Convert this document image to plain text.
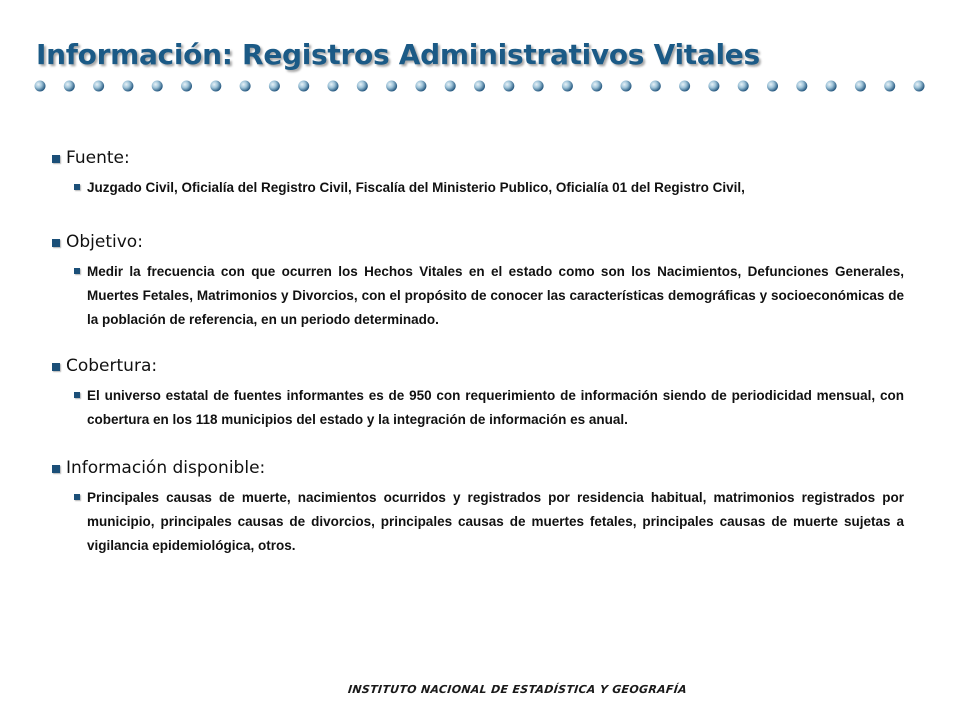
Información: Registros Administrativos Vitales
Fuente:
Juzgado Civil, Oficialía del Registro Civil, Fiscalía del Ministerio Publico, Oficialía 01 del Registro Civil,
Objetivo:
Medir la frecuencia con que ocurren los Hechos Vitales en el estado como son los Nacimientos, Defunciones Generales, Muertes Fetales, Matrimonios y Divorcios, con el propósito de conocer las características demográficas y socioeconómicas de la población de referencia, en un periodo determinado.
Cobertura:
El universo estatal de fuentes informantes es de 950 con requerimiento de información siendo de periodicidad mensual, con cobertura en los 118 municipios del estado y la integración de información es anual.
Información disponible:
Principales causas de muerte, nacimientos ocurridos y registrados por residencia habitual, matrimonios registrados por municipio, principales causas de divorcios, principales causas de muertes fetales, principales causas de muerte sujetas a vigilancia epidemiológica, otros.
INSTITUTO NACIONAL DE ESTADÍSTICA Y GEOGRAFÍA
